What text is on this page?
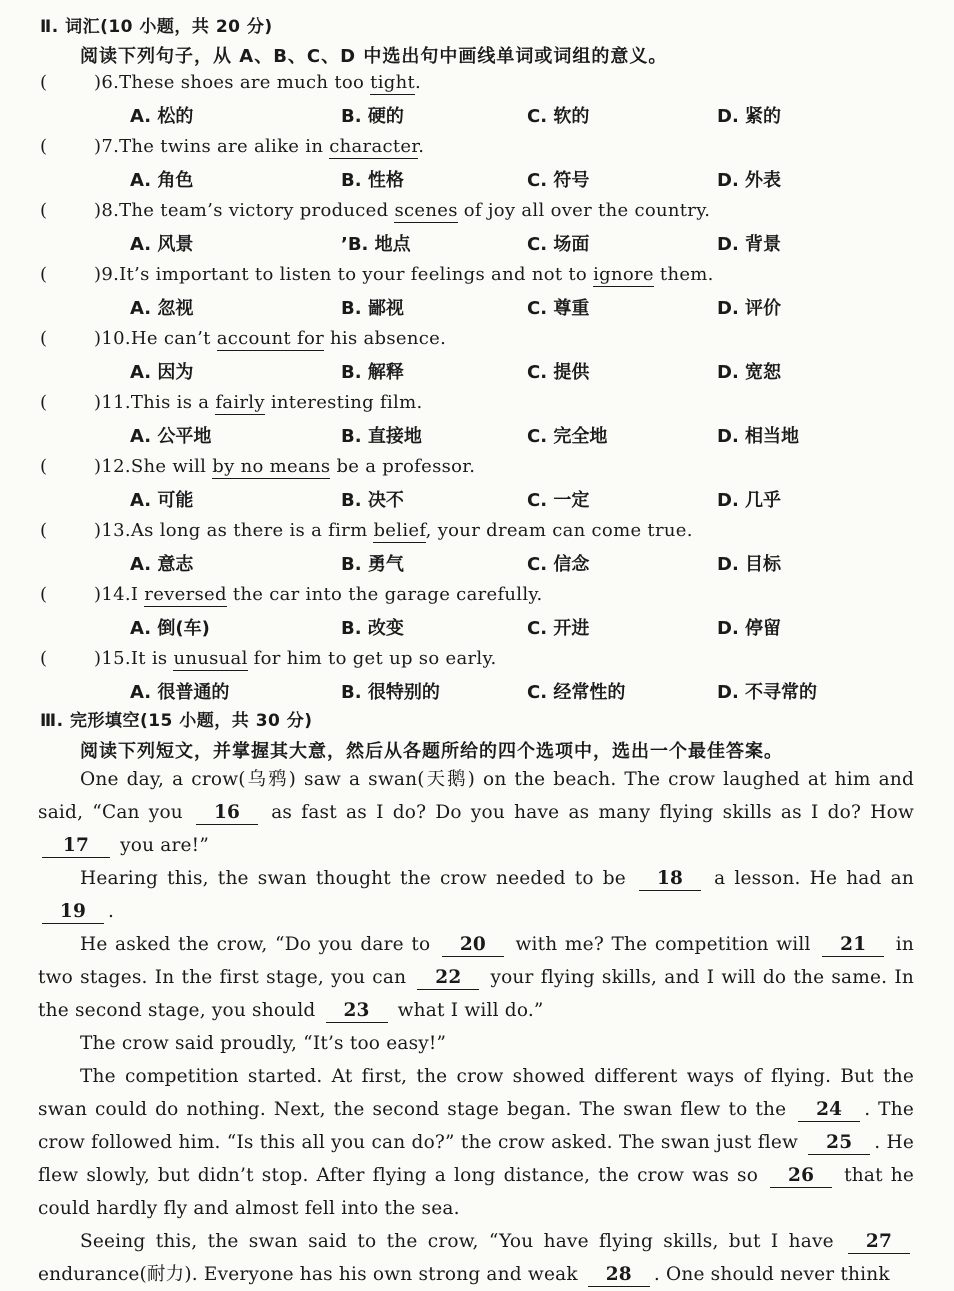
Ⅱ. 词汇(10 小题，共 20 分)
阅读下列句子，从 A、B、C、D 中选出句中画线单词或词组的意义。
(	)6.These shoes are much too tight.
A. 松的	B. 硬的	C. 软的	D. 紧的
(	)7.The twins are alike in character.
A. 角色	B. 性格	C. 符号	D. 外表
(	)8.The team’s victory produced scenes of joy all over the country.
A. 风景	ʼB. 地点	C. 场面	D. 背景
(	)9.It’s important to listen to your feelings and not to ignore them.
A. 忽视	B. 鄙视	C. 尊重	D. 评价
(	)10.He can’t account for his absence.
A. 因为	B. 解释	C. 提供	D. 宽恕
(	)11.This is a fairly interesting film.
A. 公平地	B. 直接地	C. 完全地	D. 相当地
(	)12.She will by no means be a professor.
A. 可能	B. 决不	C. 一定	D. 几乎
(	)13.As long as there is a firm belief, your dream can come true.
A. 意志	B. 勇气	C. 信念	D. 目标
(	)14.I reversed the car into the garage carefully.
A. 倒(车)	B. 改变	C. 开进	D. 停留
(	)15.It is unusual for him to get up so early.
A. 很普通的	B. 很特别的	C. 经常性的	D. 不寻常的
Ⅲ. 完形填空(15 小题，共 30 分)
阅读下列短文，并掌握其大意，然后从各题所给的四个选项中，选出一个最佳答案。

One day, a crow(乌鸦) saw a swan(天鹅) on the beach. The crow laughed at him and said, “Can you 16 as fast as I do? Do you have as many flying skills as I do? How 17 you are!”

Hearing this, the swan thought the crow needed to be 18 a lesson. He had an 19 .

He asked the crow, “Do you dare to 20 with me? The competition will 21 in two stages. In the first stage, you can 22 your flying skills, and I will do the same. In the second stage, you should 23 what I will do.”

The crow said proudly, “It’s too easy!”

The competition started. At first, the crow showed different ways of flying. But the swan could do nothing. Next, the second stage began. The swan flew to the 24 . The crow followed him. “Is this all you can do?” the crow asked. The swan just flew 25 . He flew slowly, but didn’t stop. After flying a long distance, the crow was so 26 that he could hardly fly and almost fell into the sea.

Seeing this, the swan said to the crow, “You have flying skills, but I have 27 endurance(耐力). Everyone has his own strong and weak 28 . One should never think
